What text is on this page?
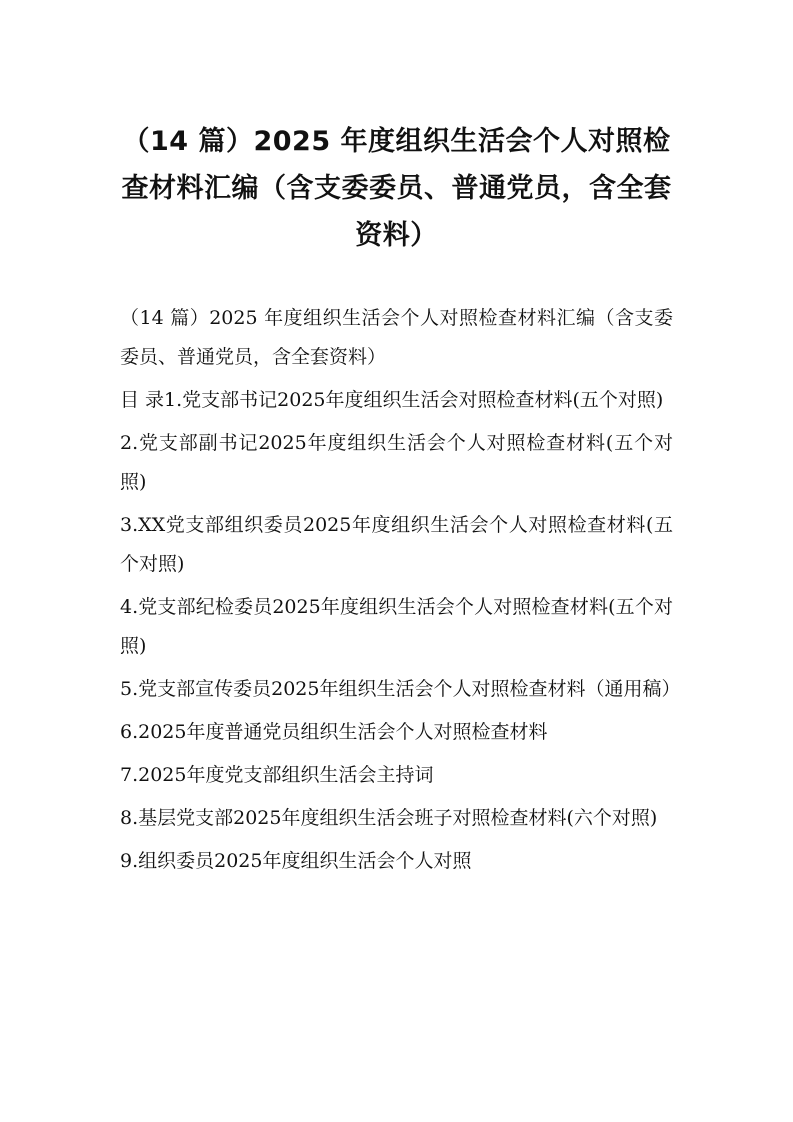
（14 篇）2025 年度组织生活会个人对照检查材料汇编（含支委委员、普通党员，含全套资料）

（14 篇）2025 年度组织生活会个人对照检查材料汇编（含支委委员、普通党员，含全套资料）

目 录1.党支部书记2025年度组织生活会对照检查材料(五个对照)

2.党支部副书记2025年度组织生活会个人对照检查材料(五个对照)

3.XX党支部组织委员2025年度组织生活会个人对照检查材料(五个对照)

4.党支部纪检委员2025年度组织生活会个人对照检查材料(五个对照)

5.党支部宣传委员2025年组织生活会个人对照检查材料（通用稿）

6.2025年度普通党员组织生活会个人对照检查材料

7.2025年度党支部组织生活会主持词

8.基层党支部2025年度组织生活会班子对照检查材料(六个对照)

9.组织委员2025年度组织生活会个人对照
